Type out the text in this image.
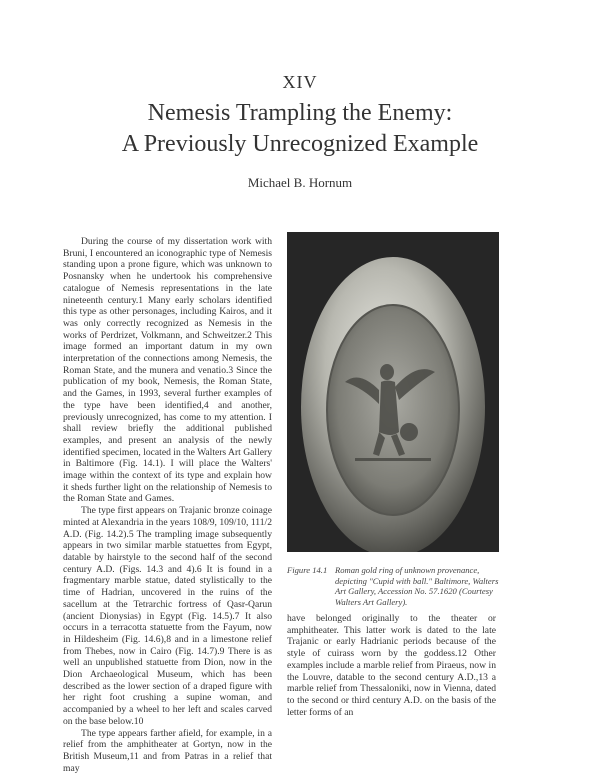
XIV
Nemesis Trampling the Enemy:
A Previously Unrecognized Example
Michael B. Hornum

During the course of my dissertation work with Bruni, I encountered an iconographic type of Nemesis standing upon a prone figure, which was unknown to Posnansky when he undertook his comprehensive catalogue of Nemesis representations in the late nineteenth century.1 Many early scholars identified this type as other personages, including Kairos, and it was only correctly recognized as Nemesis in the works of Perdrizet, Volkmann, and Schweitzer.2 This image formed an important datum in my own interpretation of the connections among Nemesis, the Roman State, and the munera and venatio.3 Since the publication of my book, Nemesis, the Roman State, and the Games, in 1993, several further examples of the type have been identified,4 and another, previously unrecognized, has come to my attention. I shall review briefly the additional published examples, and present an analysis of the newly identified specimen, located in the Walters Art Gallery in Baltimore (Fig. 14.1). I will place the Walters' image within the context of its type and explain how it sheds further light on the relationship of Nemesis to the Roman State and Games.

The type first appears on Trajanic bronze coinage minted at Alexandria in the years 108/9, 109/10, 111/2 A.D. (Fig. 14.2).5 The trampling image subsequently appears in two similar marble statuettes from Egypt, datable by hairstyle to the second half of the second century A.D. (Figs. 14.3 and 4).6 It is found in a fragmentary marble statue, dated stylistically to the time of Hadrian, uncovered in the ruins of the sacellum at the Tetrarchic fortress of Qasr-Qarun (ancient Dionysias) in Egypt (Fig. 14.5).7 It also occurs in a terracotta statuette from the Fayum, now in Hildesheim (Fig. 14.6),8 and in a limestone relief from Thebes, now in Cairo (Fig. 14.7).9 There is as well an unpublished statuette from Dion, now in the Dion Archaeological Museum, which has been described as the lower section of a draped figure with her right foot crushing a supine woman, and accompanied by a wheel to her left and scales carved on the base below.10

The type appears farther afield, for example, in a relief from the amphitheater at Gortyn, now in the British Museum,11 and from Patras in a relief that may

Figure 14.1 Roman gold ring of unknown provenance, depicting "Cupid with ball." Baltimore, Walters Art Gallery, Accession No. 57.1620 (Courtesy Walters Art Gallery).

have belonged originally to the theater or amphitheater. This latter work is dated to the late Trajanic or early Hadrianic periods because of the style of cuirass worn by the goddess.12 Other examples include a marble relief from Piraeus, now in the Louvre, datable to the second century A.D.,13 a marble relief from Thessaloniki, now in Vienna, dated to the second or third century A.D. on the basis of the letter forms of an
